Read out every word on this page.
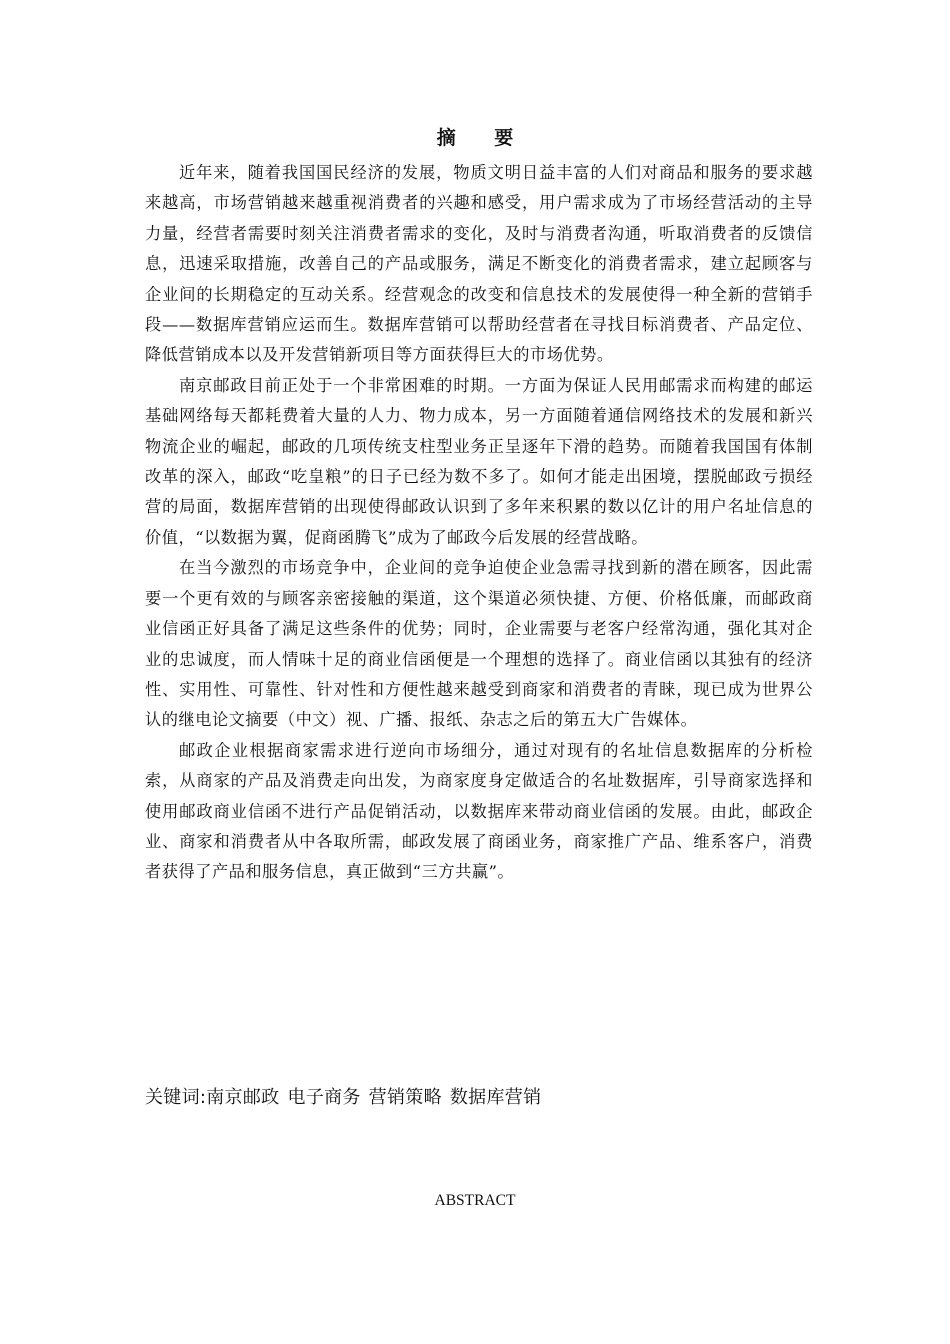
摘 要

近年来，随着我国国民经济的发展，物质文明日益丰富的人们对商品和服务的要求越来越高，市场营销越来越重视消费者的兴趣和感受，用户需求成为了市场经营活动的主导力量，经营者需要时刻关注消费者需求的变化，及时与消费者沟通，听取消费者的反馈信息，迅速采取措施，改善自己的产品或服务，满足不断变化的消费者需求，建立起顾客与企业间的长期稳定的互动关系。经营观念的改变和信息技术的发展使得一种全新的营销手段——数据库营销应运而生。数据库营销可以帮助经营者在寻找目标消费者、产品定位、降低营销成本以及开发营销新项目等方面获得巨大的市场优势。

南京邮政目前正处于一个非常困难的时期。一方面为保证人民用邮需求而构建的邮运基础网络每天都耗费着大量的人力、物力成本，另一方面随着通信网络技术的发展和新兴物流企业的崛起，邮政的几项传统支柱型业务正呈逐年下滑的趋势。而随着我国国有体制改革的深入，邮政“吃皇粮”的日子已经为数不多了。如何才能走出困境，摆脱邮政亏损经营的局面，数据库营销的出现使得邮政认识到了多年来积累的数以亿计的用户名址信息的价值，“以数据为翼，促商函腾飞”成为了邮政今后发展的经营战略。

在当今激烈的市场竞争中，企业间的竞争迫使企业急需寻找到新的潜在顾客，因此需要一个更有效的与顾客亲密接触的渠道，这个渠道必须快捷、方便、价格低廉，而邮政商业信函正好具备了满足这些条件的优势；同时，企业需要与老客户经常沟通，强化其对企业的忠诚度，而人情味十足的商业信函便是一个理想的选择了。商业信函以其独有的经济性、实用性、可靠性、针对性和方便性越来越受到商家和消费者的青睐，现已成为世界公认的继电论文摘要（中文）视、广播、报纸、杂志之后的第五大广告媒体。

邮政企业根据商家需求进行逆向市场细分，通过对现有的名址信息数据库的分析检索，从商家的产品及消费走向出发，为商家度身定做适合的名址数据库，引导商家选择和使用邮政商业信函不进行产品促销活动，以数据库来带动商业信函的发展。由此，邮政企业、商家和消费者从中各取所需，邮政发展了商函业务，商家推广产品、维系客户，消费者获得了产品和服务信息，真正做到“三方共赢”。

关键词:南京邮政 电子商务 营销策略 数据库营销
ABSTRACT
